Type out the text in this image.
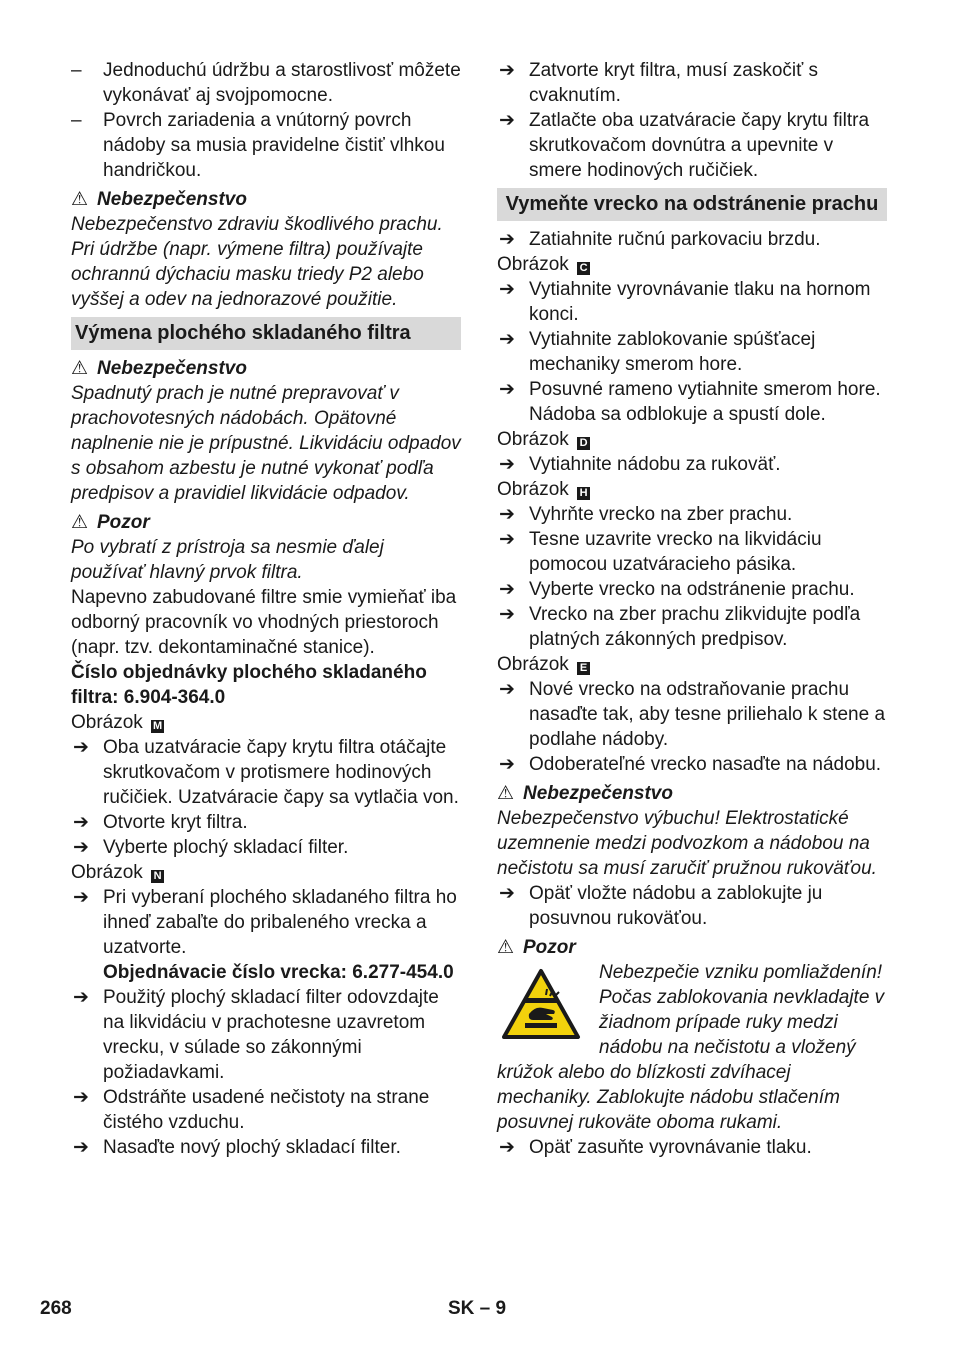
– Jednoduchú údržbu a starostlivosť môžete vykonávať aj svojpomocne.

– Povrch zariadenia a vnútorný povrch nádoby sa musia pravidelne čistiť vlhkou handričkou.

⚠ Nebezpečenstvo

Nebezpečenstvo zdraviu škodlivého prachu. Pri údržbe (napr. výmene filtra) používajte ochrannú dýchaciu masku triedy P2 alebo vyššej a odev na jednorazové použitie.

Výmena plochého skladaného filtra

⚠ Nebezpečenstvo

Spadnutý prach je nutné prepravovať v prachovotesných nádobách. Opätovné naplnenie nie je prípustné. Likvidáciu odpadov s obsahom azbestu je nutné vykonať podľa predpisov a pravidiel likvidácie odpadov.

⚠ Pozor

Po vybratí z prístroja sa nesmie ďalej používať hlavný prvok filtra.

Napevno zabudované filtre smie vymieňať iba odborný pracovník vo vhodných priestoroch (napr. tzv. dekontaminačné stanice).

Číslo objednávky plochého skladaného filtra: 6.904-364.0

Obrázok M

➔ Oba uzatváracie čapy krytu filtra otáčajte skrutkovačom v protismere hodinových ručičiek. Uzatváracie čapy sa vytlačia von.

➔ Otvorte kryt filtra.

➔ Vyberte plochý skladací filter.

Obrázok N

➔ Pri vyberaní plochého skladaného filtra ho ihneď zabaľte do pribaleného vrecka a uzatvorte.

Objednávacie číslo vrecka: 6.277-454.0

➔ Použitý plochý skladací filter odovzdajte na likvidáciu v prachotesne uzavretom vrecku, v súlade so zákonnými požiadavkami.

➔ Odstráňte usadené nečistoty na strane čistého vzduchu.

➔ Nasaďte nový plochý skladací filter.

➔ Zatvorte kryt filtra, musí zaskočiť s cvaknutím.

➔ Zatlačte oba uzatváracie čapy krytu filtra skrutkovačom dovnútra a upevnite v smere hodinových ručičiek.

Vymeňte vrecko na odstránenie prachu

➔ Zatiahnite ručnú parkovaciu brzdu.

Obrázok C

➔ Vytiahnite vyrovnávanie tlaku na hornom konci.

➔ Vytiahnite zablokovanie spúšťacej mechaniky smerom hore.

➔ Posuvné rameno vytiahnite smerom hore. Nádoba sa odblokuje a spustí dole.

Obrázok D

➔ Vytiahnite nádobu za rukoväť.

Obrázok H

➔ Vyhrňte vrecko na zber prachu.

➔ Tesne uzavrite vrecko na likvidáciu pomocou uzatváracieho pásika.

➔ Vyberte vrecko na odstránenie prachu.

➔ Vrecko na zber prachu zlikvidujte podľa platných zákonných predpisov.

Obrázok E

➔ Nové vrecko na odstraňovanie prachu nasaďte tak, aby tesne priliehalo k stene a podlahe nádoby.

➔ Odoberateľné vrecko nasaďte na nádobu.

⚠ Nebezpečenstvo

Nebezpečenstvo výbuchu! Elektrostatické uzemnenie medzi podvozkom a nádobou na nečistotu sa musí zaručiť pružnou rukoväťou.

➔ Opäť vložte nádobu a zablokujte ju posuvnou rukoväťou.

⚠ Pozor

Nebezpečie vzniku pomliaždenín! Počas zablokovania nevkladajte v žiadnom prípade ruky medzi nádobu na nečistotu a vložený krúžok alebo do blízkosti zdvíhacej mechaniky. Zablokujte nádobu stlačením posuvnej rukoväte oboma rukami.

➔ Opäť zasuňte vyrovnávanie tlaku.

268	SK – 9
